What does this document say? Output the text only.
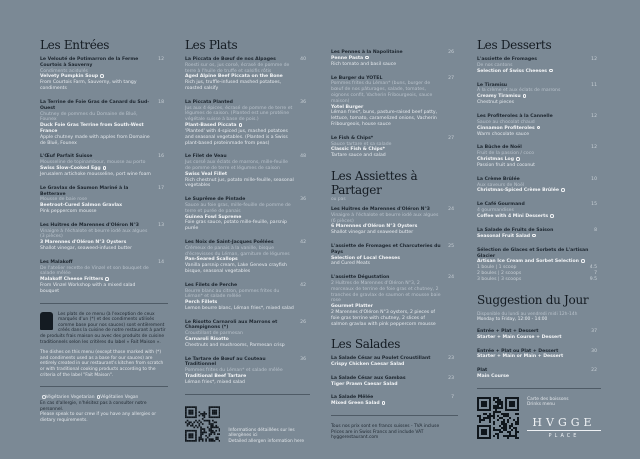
Les Entrées
Le Velouté de Potimarron de la Ferme Courtois à Sauverny
Condiments acidulés
Velvety Pumpkin Soup
From Courtois Farm, Sauverny, with tangy condiments
12
La Terrine de Foie Gras de Canard du Sud-Ouest
Chutney de pommes du Domaine de Bluë, Founex
Duck Foie Gras Terrine from South-West France
Apple chutney made with apples from Domaine de Bluë, Founex
18
L'Œuf Parfait Suisse
Mousseline de topinambour, mousse au porto
Swiss Slow-Cooked Egg
Jerusalem artichoke mousseline, port wine foam
16
Le Gravlax de Saumon Mariné à la Betterave
Mousse de baie rose
Beetroot-Cured Salmon Gravlax
Pink peppercorn mousse
17
Les Huîtres de Marennes d'Oléron N°3
Vinaigre à l'échalote et beurre iodé aux algues (3 pièces)
3 Marennes d'Oléron N°3 Oysters
Shallot vinegar, seaweed-infused butter
13
Les Malakoff
De l'atelier recette de Vinzel et son bouquet de salade mêlée
Malakoff Cheese Fritters
From Vinzel Workshop with a mixed salad bouquet
14
Les plats de ce menu (à l'exception de ceux marqués d'un (*) et des condiments utilisés comme base pour nos sauces) sont entièrement créés dans la cuisine de notre restaurant à partir de produits frais maison ou avec des produits de cuisine traditionnels selon les critères du label « Fait Maison ».
The dishes on this menu (except those marked with (*) and condiments used as a base for our sauces) are entirely created in our restaurant's kitchen from scratch or with traditional cooking products according to the criteria of the label "Fait Maison".
Végétarien Vegetarian Végétalien Vegan
En cas d'allergie, n'hésitez pas à consulter notre personnel.
Please speak to our crew if you have any allergies or dietary requirements.
Les Plats
La Piccata de Bœuf de nos Alpages
Roesti sur os, jus corsé, écrasé de pomme de terre à l'huile de truffe et salsifis rôtis
Aged Alpine Beef Piccata on the Bone
Rich jus, truffle-infused mashed potatoes, roasted salsify
40
La Piccata Planted
Jus aux 4 épices, écrasé de pomme de terre et légumes de saison. (Planted est une protéine végétale suisse à base de pois.)
Plant-Based Piccata
'Planted' with 4-spiced jus, mashed potatoes and seasonal vegetables. (Planted is a Swiss plant-based proteinmade from peas)
36
Le Filet de Veau
Jus corsé aux éclats de marrons, mille-feuille de pomme de terre et légumes de saison
Swiss Veal Fillet
Rich chestnut jus, potato mille-feuille, seasonal vegetables
48
Le Suprême de Pintade
Sauce au foie gras, mille-feuille de pomme de terre et purée de panais
Guinea Fowl Supreme
Foie gras sauce, potato mille-feuille, parsnip purée
36
Les Noix de Saint-Jacques Poêlées
Crémeux de panais à la vanille, bisque d'écrevisses du Léman, garniture de légumes
Pan-Seared Scallops
Vanilla parsnip cream, Lake Geneva crayfish bisque, seasonal vegetables
42
Les Filets de Perche
Beurre blanc au citron, pommes frites du Léman* et salade mêlée
Perch Fillets
Lemon beurre blanc, Léman fries*, mixed salad
42
Le Risotto Carnaroli aux Marrons et Champignons (*)
Croustillant de parmesan
Carnaroli Risotto
Chestnuts and mushrooms, Parmesan crisp
26
Le Tartare de Bœuf au Couteau Traditionnel
Pommes frites du Léman* et salade mêlée
Traditional Beef Tartare
Léman fries*, mixed salad
36
Informations détaillées sur les allergènes ici
Detailed allergen information here
Les Pennes à la Napolitaine
Penne Pasta
Rich tomato and basil sauce
26
Le Burger du YOTEL
Pommes frites du Léman* (buns, burger de bœuf de nos pâturages, salade, tomates, oignons confit, Vacherin Fribourgeois, sauce maison)
Yotel Burger
Léman fries*, buns, pasture-raised beef patty, lettuce, tomato, caramelized onions, Vacherin Fribourgeois, house sauce
27
Le Fish & Chips*
Sauce tartare et sa salade
Classic Fish & Chips*
Tartare sauce and salad
27
Les Assiettes à Partager
ou pas
Les Huîtres de Marennes d'Oléron N°3
Vinaigre à l'échalote et beurre iodé aux algues (6 pièces)
6 Marennes d'Oléron N°3 Oysters
Shallot vinegar and seaweed butter
24
L'assiette de Fromages et Charcuteries du Pays
Selection of Local Cheeses
and Cured Meats
25
L'assiette Dégustation
2 Huîtres de Marennes d'Oléron N°3, 2 morceaux de terrine de foie gras et chutney, 2 tranches de gravlax de saumon et mousse baie rose
Gourmet Platter
2 Marennes d'Oléron N°3 oysters, 2 pieces of foie gras terrine with chutney, 2 slices of salmon gravlax with pink peppercorn mousse
24
Les Salades
La Salade César au Poulet Croustillant
Crispy Chicken Caesar Salad
23
La Salade César aux Gambas
Tiger Prawn Caesar Salad
23
La Salade Mêlée
Mixed Green Salad
7
Tous nos prix sont en francs suisses - TVA incluse
Prices are in Swiss Francs and include VAT
hyggerestaurant.com
Les Desserts
L'assiette de Fromages
De nos cantons
Selection of Swiss Cheeses
12
Le Tiramisu
À la crème et aux éclats de marrons
Creamy Tiramisu
Chestnut pieces
11
Les Profiteroles à la Cannelle
Sauce au chocolat chaud
Cinnamon Profiteroles
Warm chocolate sauce
12
La Bûche de Noël
Fruit de la passion / coco
Christmas Log
Passion fruit and coconut
12
La Crème Brûlée
Aux saveurs de Noël
Christmas-Spiced Crème Brûlée
10
Le Café Gourmand
4 gourmandises
Coffee with 4 Mini Desserts
15
La Salade de Fruits de Saison
Seasonal Fruit Salad
8
Sélection de Glaces et Sorbets de L'artisan Glacier
Artisan Ice Cream and Sorbet Selection
1 boule | 1 scoop	4.5
2 boules | 2 scoops	7
3 boules | 3 scoops	9.5
Suggestion du Jour
Disponible du lundi au vendredi midi 12h-14h
Monday to Friday, 12:00 - 14:00
Entrée + Plat + Dessert
Starter + Main Course + Dessert
37
Entrée + Plat ou Plat + Dessert
Starter + Main or Main + Dessert
30
Plat
Main Course
22
Carte des boissons
Drinks menu
HVGGE
PLACE
